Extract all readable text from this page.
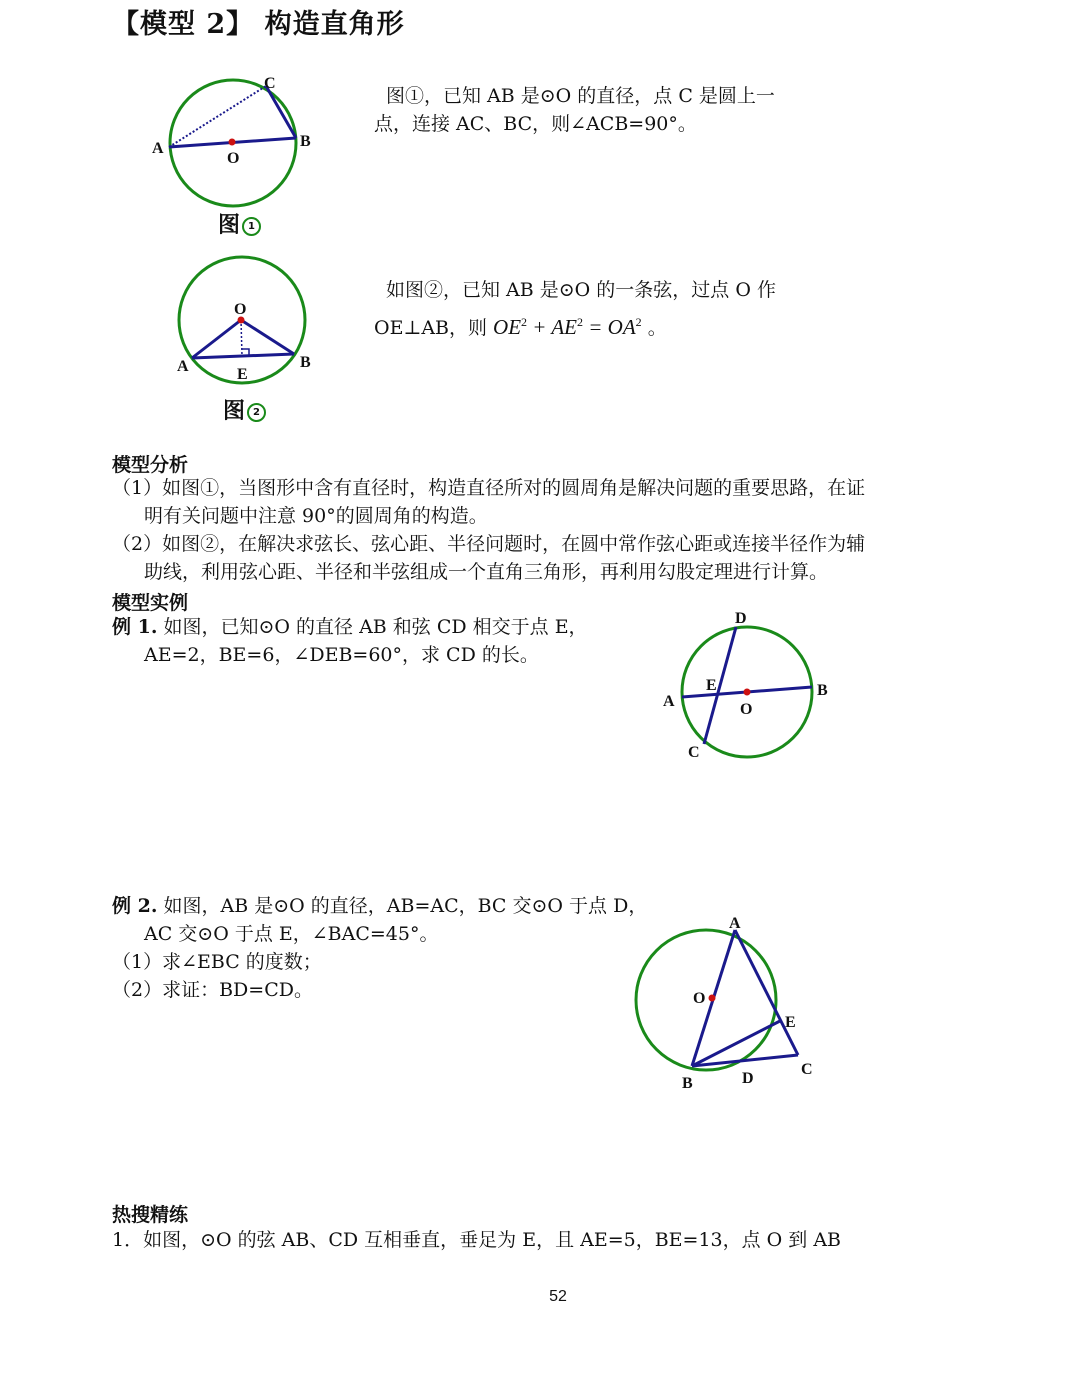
【模型 2】 构造直角形
C
A	B
O
图 1
图①，已知 AB 是⊙O 的直径，点 C 是圆上一
点，连接 AC、BC，则∠ACB=90°。
O
A	B
E
图 2
如图②，已知 AB 是⊙O 的一条弦，过点 O 作
OE⊥AB，则 $OE^2 + AE^2 = OA^2$ 。
模型分析
（1）如图①，当图形中含有直径时，构造直径所对的圆周角是解决问题的重要思路，在证
明有关问题中注意 90°的圆周角的构造。
（2）如图②，在解决求弦长、弦心距、半径问题时，在圆中常作弦心距或连接半径作为辅
助线，利用弦心距、半径和半弦组成一个直角三角形，再利用勾股定理进行计算。
模型实例
例 1. 如图，已知⊙O 的直径 AB 和弦 CD 相交于点 E，
AE=2，BE=6，∠DEB=60°，求 CD 的长。
D
A
B
E
O
C
例 2. 如图，AB 是⊙O 的直径，AB=AC，BC 交⊙O 于点 D，
AC 交⊙O 于点 E，∠BAC=45°。
（1）求∠EBC 的度数；
（2）求证：BD=CD。
A
O
E
C
B	D
热搜精练
1．如图，⊙O 的弦 AB、CD 互相垂直，垂足为 E，且 AE=5，BE=13，点 O 到 AB
52
